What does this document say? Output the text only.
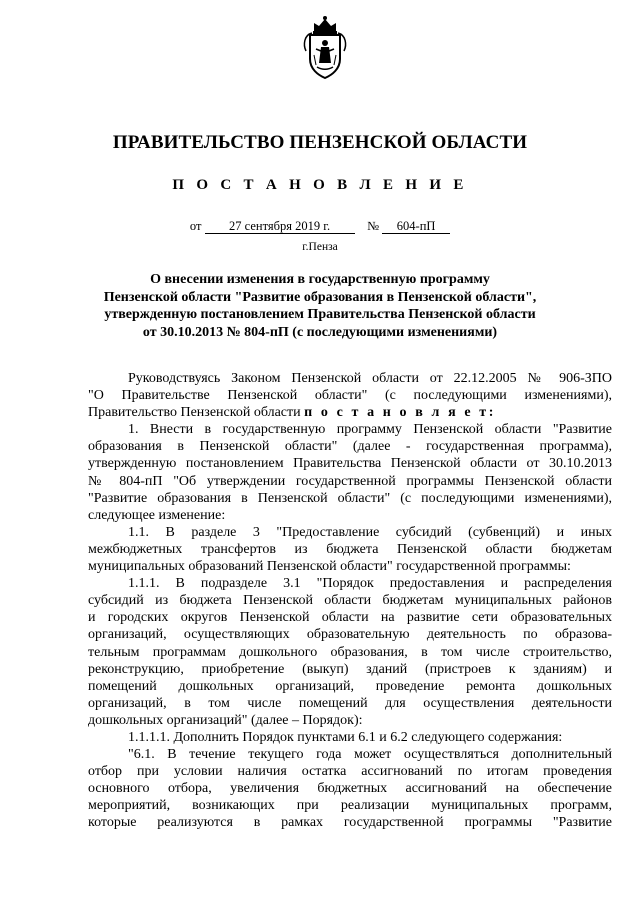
ПРАВИТЕЛЬСТВО ПЕНЗЕНСКОЙ ОБЛАСТИ
П О С Т А Н О В Л Е Н И Е
от 27 сентября 2019 г.	№ 604-пП
г.Пенза
О внесении изменения в государственную программу
Пензенской области "Развитие образования в Пензенской области",
утвержденную постановлением Правительства Пензенской области
от 30.10.2013 № 804-пП (с последующими изменениями)
Руководствуясь Законом Пензенской области от 22.12.2005 № 906-ЗПО
"О Правительстве Пензенской области" (с последующими изменениями),
Правительство Пензенской области п о с т а н о в л я е т:
1. Внести в государственную программу Пензенской области "Развитие
образования в Пензенской области" (далее - государственная программа),
утвержденную постановлением Правительства Пензенской области от 30.10.2013
№ 804-пП "Об утверждении государственной программы Пензенской области
"Развитие образования в Пензенской области" (с последующими изменениями),
следующее изменение:
1.1. В разделе 3 "Предоставление субсидий (субвенций) и иных
межбюджетных трансфертов из бюджета Пензенской области бюджетам
муниципальных образований Пензенской области" государственной программы:
1.1.1. В подразделе 3.1 "Порядок предоставления и распределения
субсидий из бюджета Пензенской области бюджетам муниципальных районов
и городских округов Пензенской области на развитие сети образовательных
организаций, осуществляющих образовательную деятельность по образова-
тельным программам дошкольного образования, в том числе строительство,
реконструкцию, приобретение (выкуп) зданий (пристроев к зданиям) и
помещений дошкольных организаций, проведение ремонта дошкольных
организаций, в том числе помещений для осуществления деятельности
дошкольных организаций" (далее – Порядок):
1.1.1.1. Дополнить Порядок пунктами 6.1 и 6.2 следующего содержания:
"6.1. В течение текущего года может осуществляться дополнительный
отбор при условии наличия остатка ассигнований по итогам проведения
основного отбора, увеличения бюджетных ассигнований на обеспечение
мероприятий, возникающих при реализации муниципальных программ,
которые реализуются в рамках государственной программы "Развитие
